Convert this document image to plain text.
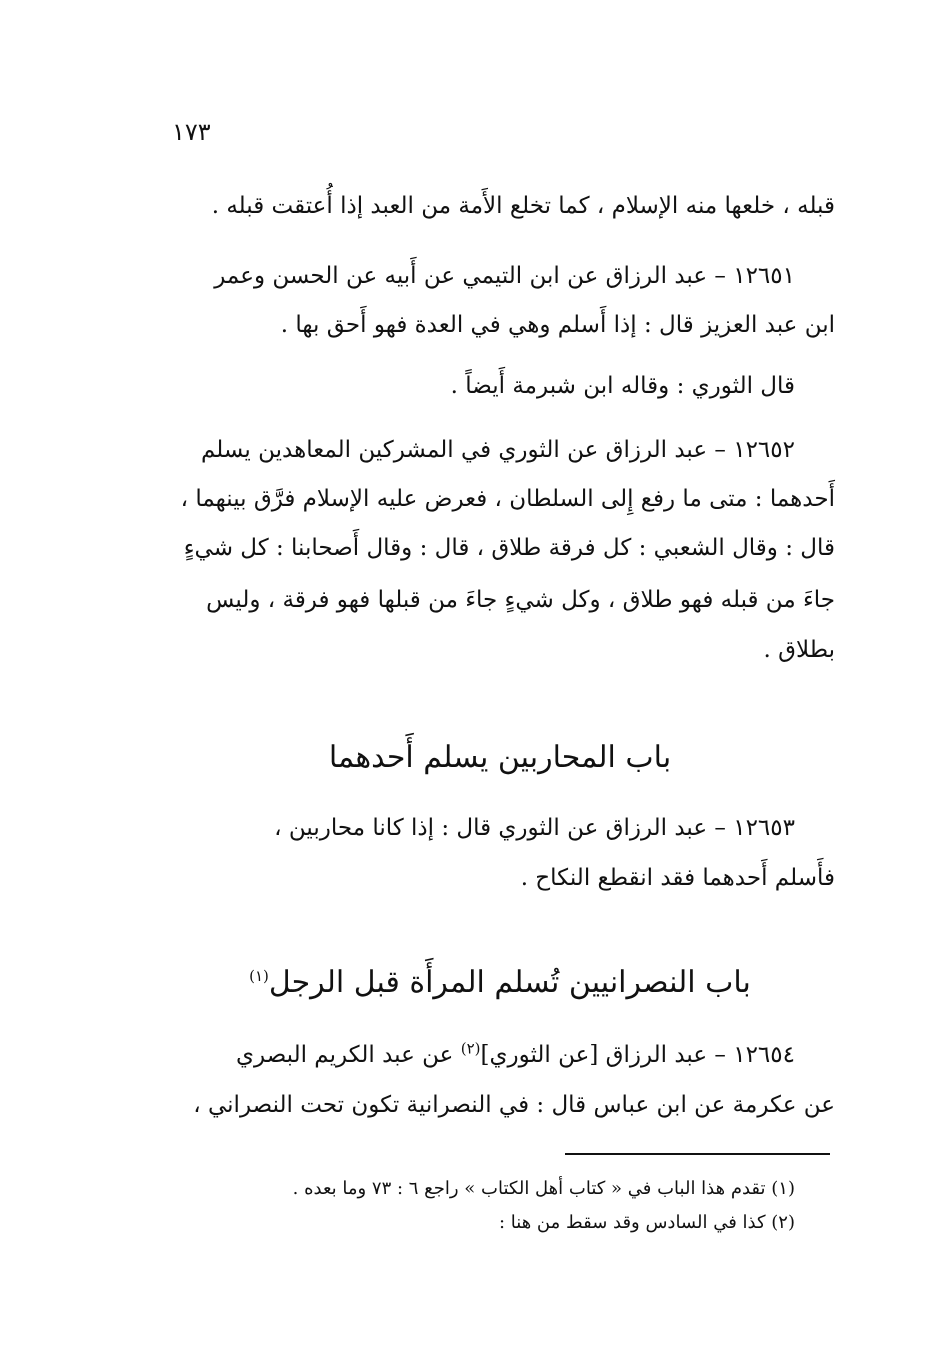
١٧٣
قبله ، خلعها منه الإسلام ، كما تخلع الأَمة من العبد إذا أُعتقت قبله .
١٢٦٥١ – عبد الرزاق عن ابن التيمي عن أَبيه عن الحسن وعمر
ابن عبد العزيز قال : إذا أَسلم وهي في العدة فهو أَحق بها .
قال الثوري : وقاله ابن شبرمة أَيضاً .
١٢٦٥٢ – عبد الرزاق عن الثوري في المشركين المعاهدين يسلم
أَحدهما : متى ما رفع إِلى السلطان ، فعرض عليه الإسلام فرَّق بينهما ،
قال : وقال الشعبي : كل فرقة طلاق ، قال : وقال أَصحابنا : كل شيءٍ
جاءَ من قبله فهو طلاق ، وكل شيءٍ جاءَ من قبلها فهو فرقة ، وليس
بطلاق .
باب المحاربين يسلم أَحدهما
١٢٦٥٣ – عبد الرزاق عن الثوري قال : إذا كانا محاربين ،
فأَسلم أَحدهما فقد انقطع النكاح .
باب النصرانيين تُسلم المرأَة قبل الرجل$^{(١)}$
١٢٦٥٤ – عبد الرزاق [عن الثوري]$^{(٢)}$ عن عبد الكريم البصري
عن عكرمة عن ابن عباس قال : في النصرانية تكون تحت النصراني ،
(١) تقدم هذا الباب في « كتاب أهل الكتاب » راجع ٦ : ٧٣ وما بعده .
(٢) كذا في السادس وقد سقط من هنا :
